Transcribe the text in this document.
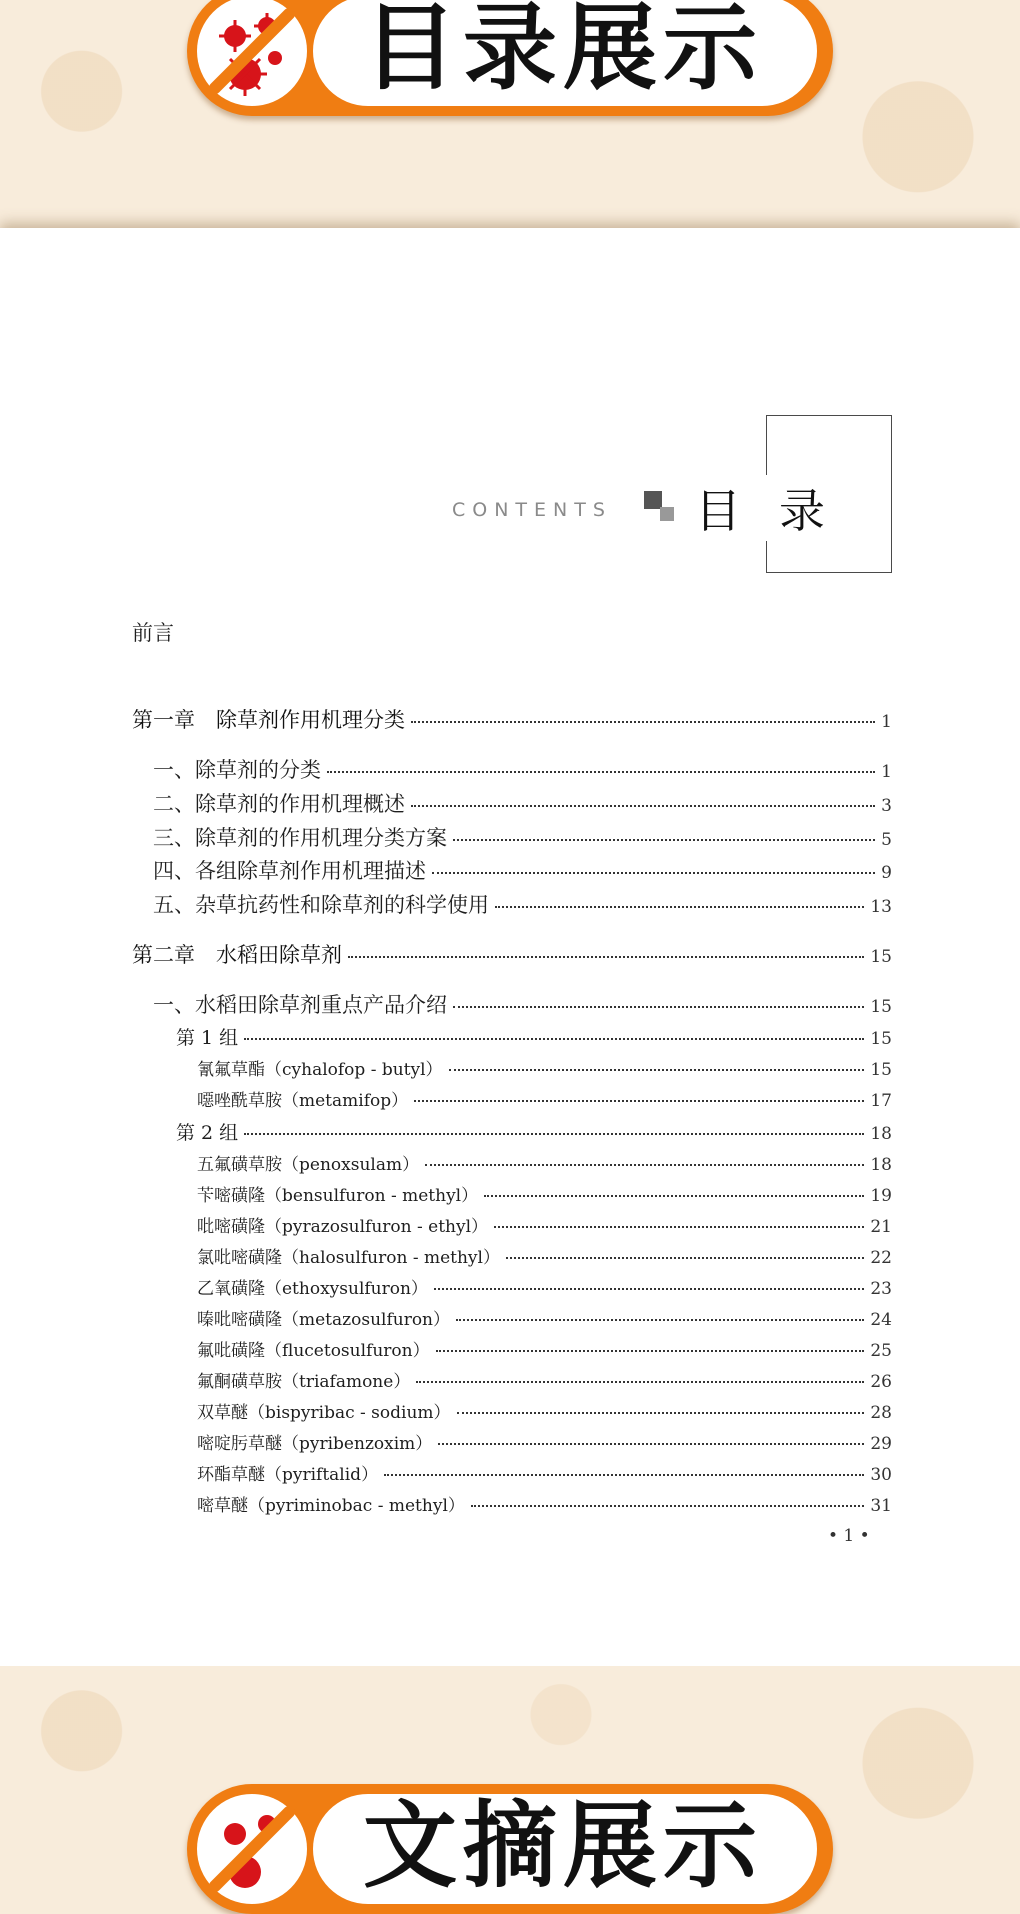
目录展示
CONTENTS 目录
前言
第一章　除草剂作用机理分类	1
一、除草剂的分类	1
二、除草剂的作用机理概述	3
三、除草剂的作用机理分类方案	5
四、各组除草剂作用机理描述	9
五、杂草抗药性和除草剂的科学使用	13
第二章　水稻田除草剂	15
一、水稻田除草剂重点产品介绍	15
第 1 组	15
氰氟草酯（cyhalofop - butyl）	15
噁唑酰草胺（metamifop）	17
第 2 组	18
五氟磺草胺（penoxsulam）	18
苄嘧磺隆（bensulfuron - methyl）	19
吡嘧磺隆（pyrazosulfuron - ethyl）	21
氯吡嘧磺隆（halosulfuron - methyl）	22
乙氧磺隆（ethoxysulfuron）	23
嗪吡嘧磺隆（metazosulfuron）	24
氟吡磺隆（flucetosulfuron）	25
氟酮磺草胺（triafamone）	26
双草醚（bispyribac - sodium）	28
嘧啶肟草醚（pyribenzoxim）	29
环酯草醚（pyriftalid）	30
嘧草醚（pyriminobac - methyl）	31
• 1 •
文摘展示
